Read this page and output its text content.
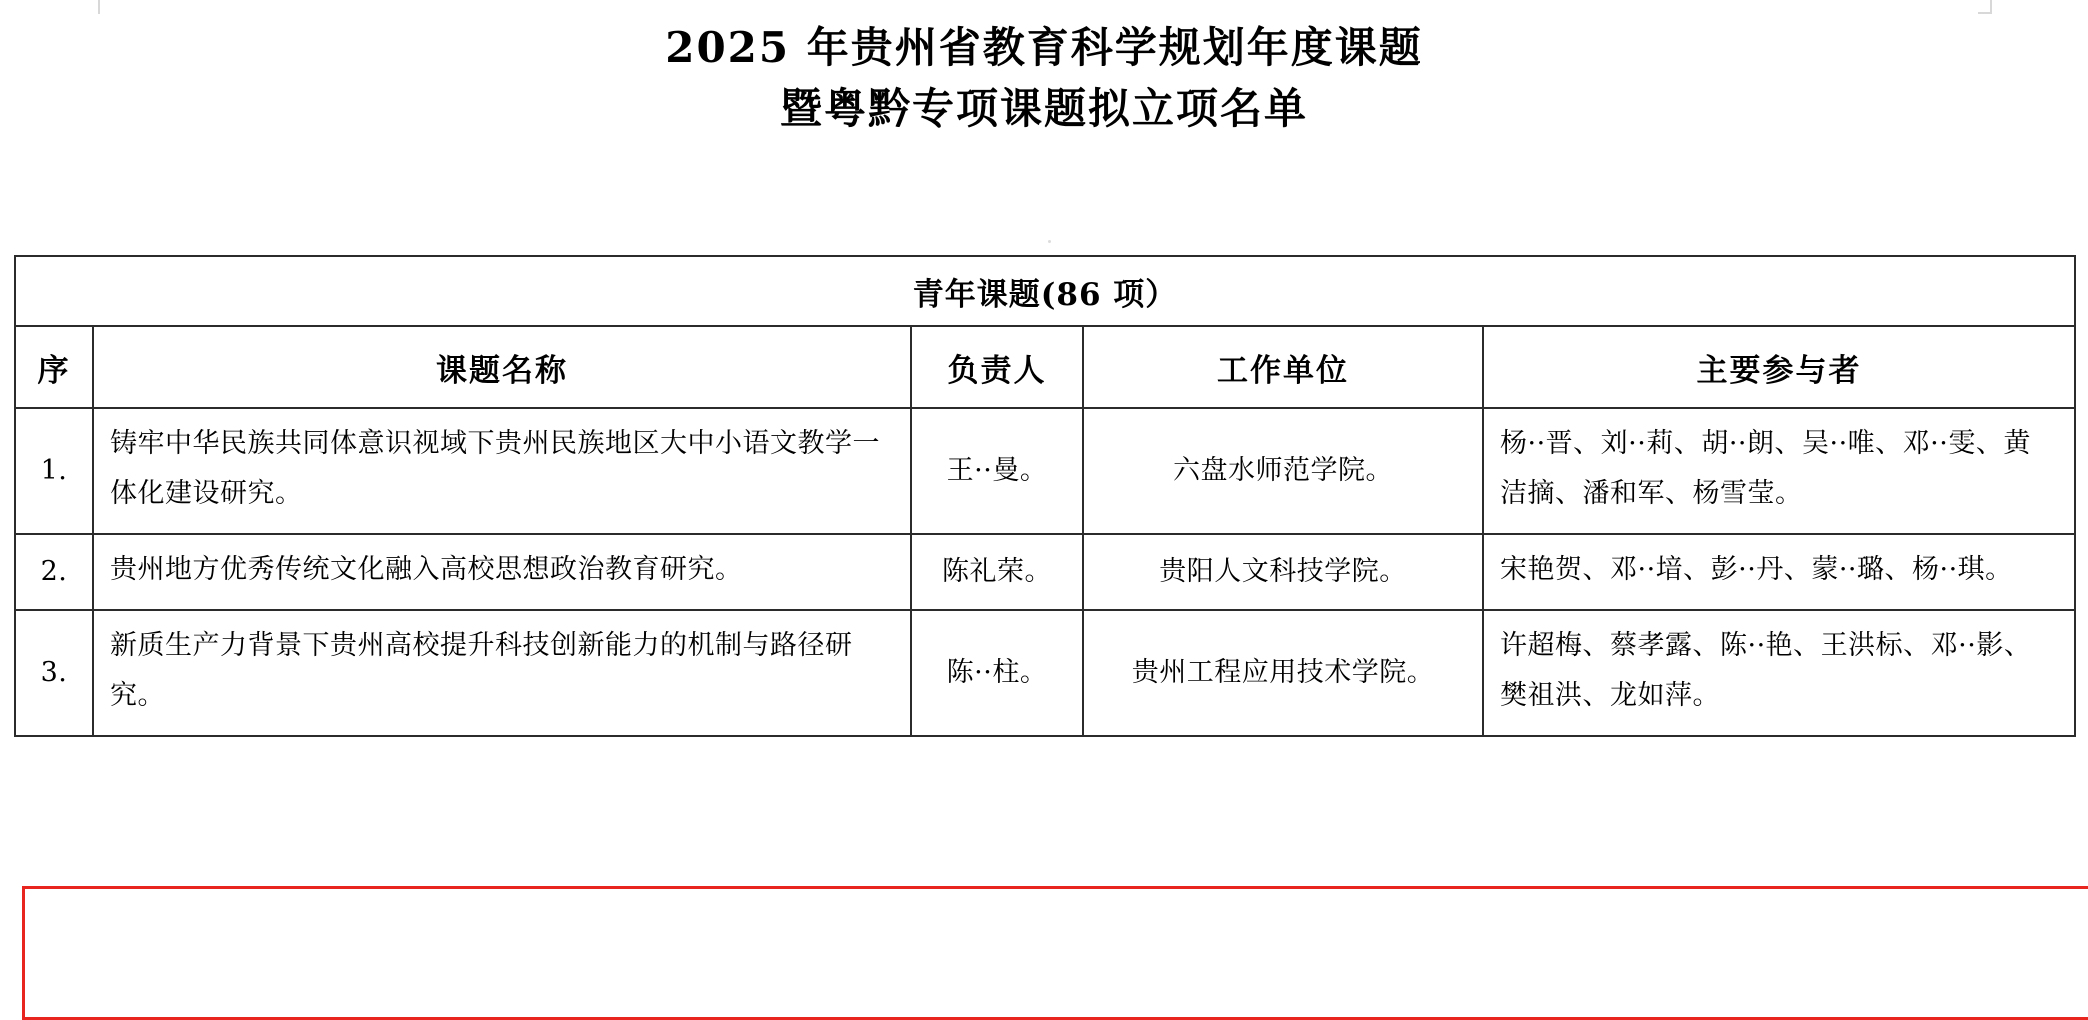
2025 年贵州省教育科学规划年度课题
暨粤黔专项课题拟立项名单
青年课题(86 项）				
序	课题名称	负责人	工作单位	主要参与者
1.	铸牢中华民族共同体意识视域下贵州民族地区大中小语文教学一体化建设研究。	王··曼。	六盘水师范学院。	杨··晋、刘··莉、胡··朗、吴··唯、邓··雯、黄洁摘、潘和军、杨雪莹。
2.	贵州地方优秀传统文化融入高校思想政治教育研究。	陈礼荣。	贵阳人文科技学院。	宋艳贺、邓··堷、彭··丹、蒙··璐、杨··琪。
3.	新质生产力背景下贵州高校提升科技创新能力的机制与路径研究。	陈··柱。	贵州工程应用技术学院。	许超梅、蔡孝露、陈··艳、王洪标、邓··影、樊祖洪、龙如萍。
